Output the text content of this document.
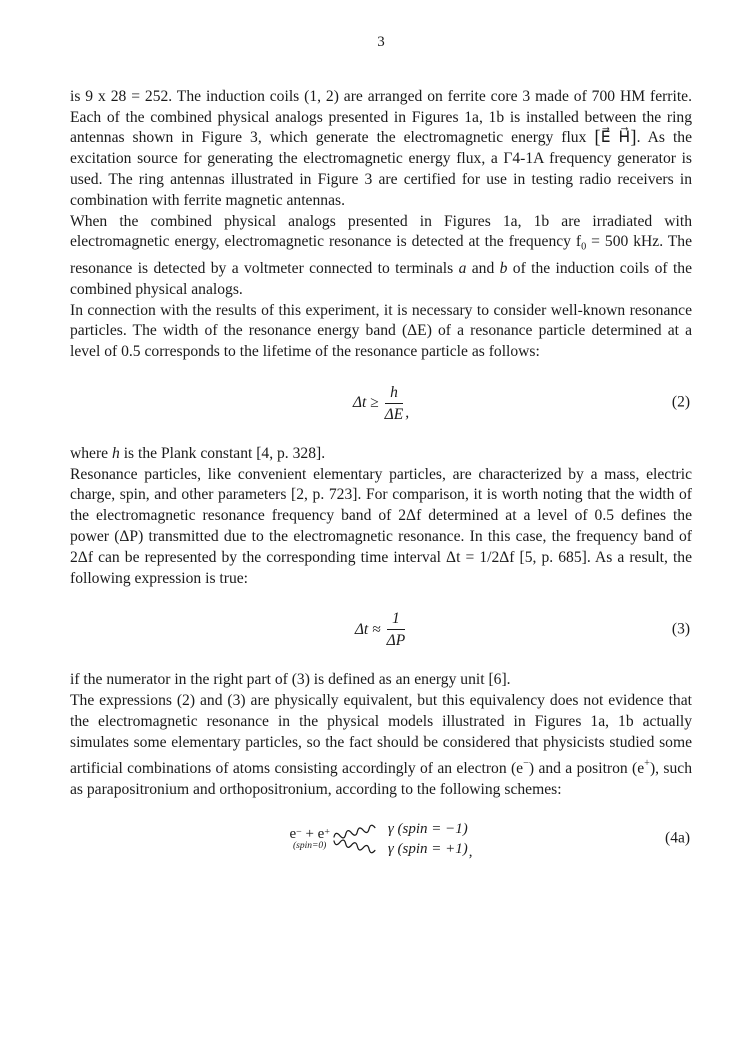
3

is 9 x 28 = 252. The induction coils (1, 2) are arranged on ferrite core 3 made of 700 HM ferrite. Each of the combined physical analogs presented in Figures 1a, 1b is installed between the ring antennas shown in Figure 3, which generate the electromagnetic energy flux [E⃗ H⃗]. As the excitation source for generating the electromagnetic energy flux, a Γ4-1A frequency generator is used. The ring antennas illustrated in Figure 3 are certified for use in testing radio receivers in combination with ferrite magnetic antennas.

When the combined physical analogs presented in Figures 1a, 1b are irradiated with electromagnetic energy, electromagnetic resonance is detected at the frequency $f_0 = 500$ kHz. The resonance is detected by a voltmeter connected to terminals a and b of the induction coils of the combined physical analogs.

In connection with the results of this experiment, it is necessary to consider well-known resonance particles. The width of the resonance energy band (ΔE) of a resonance particle determined at a level of 0.5 corresponds to the lifetime of the resonance particle as follows:

$\Delta t \ge \frac{h}{\Delta E}$ ,
(2)

where h is the Plank constant [4, p. 328].

Resonance particles, like convenient elementary particles, are characterized by a mass, electric charge, spin, and other parameters [2, p. 723]. For comparison, it is worth noting that the width of the electromagnetic resonance frequency band of 2Δf determined at a level of 0.5 defines the power (ΔP) transmitted due to the electromagnetic resonance. In this case, the frequency band of 2Δf can be represented by the corresponding time interval Δt = 1/2Δf [5, p. 685]. As a result, the following expression is true:

$\Delta t \approx \frac{1}{\Delta P}$	(3)

if the numerator in the right part of (3) is defined as an energy unit [6].

The expressions (2) and (3) are physically equivalent, but this equivalency does not evidence that the electromagnetic resonance in the physical models illustrated in Figures 1a, 1b actually simulates some elementary particles, so the fact should be considered that physicists studied some artificial combinations of atoms consisting accordingly of an electron (e−) and a positron (e+), such as parapositronium and orthopositronium, according to the following schemes:

e− + e+
(spin=0)
γ (spin = −1)
γ (spin = +1) ,
(4a)
